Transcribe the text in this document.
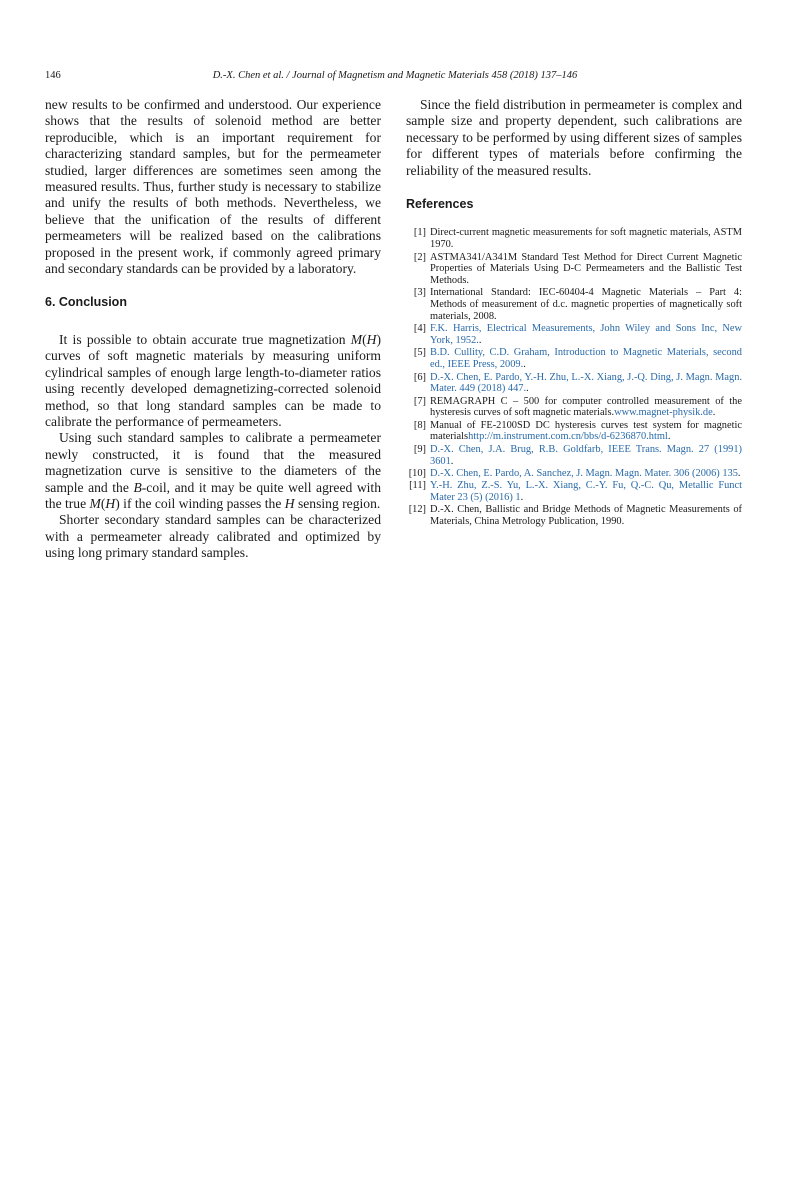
146	D.-X. Chen et al. / Journal of Magnetism and Magnetic Materials 458 (2018) 137–146

new results to be confirmed and understood. Our experience shows that the results of solenoid method are better reproducible, which is an important requirement for characterizing standard samples, but for the permeameter studied, larger differences are sometimes seen among the measured results. Thus, further study is necessary to stabilize and unify the results of both methods. Nevertheless, we believe that the unification of the results of different permeameters will be realized based on the calibrations proposed in the present work, if commonly agreed primary and secondary standards can be provided by a laboratory.

6. Conclusion

It is possible to obtain accurate true magnetization M(H) curves of soft magnetic materials by measuring uniform cylindrical samples of enough large length-to-diameter ratios using recently developed demagnetizing-corrected solenoid method, so that long standard samples can be made to calibrate the performance of permeameters.

Using such standard samples to calibrate a permeameter newly constructed, it is found that the measured magnetization curve is sensitive to the diameters of the sample and the B-coil, and it may be quite well agreed with the true M(H) if the coil winding passes the H sensing region.

Shorter secondary standard samples can be characterized with a permeameter already calibrated and optimized by using long primary standard samples.

Since the field distribution in permeameter is complex and sample size and property dependent, such calibrations are necessary to be performed by using different sizes of samples for different types of materials before confirming the reliability of the measured results.

References
[1] Direct-current magnetic measurements for soft magnetic materials, ASTM 1970.
[2] ASTMA341/A341M Standard Test Method for Direct Current Magnetic Properties of Materials Using D-C Permeameters and the Ballistic Test Methods.
[3] International Standard: IEC-60404-4 Magnetic Materials – Part 4: Methods of measurement of d.c. magnetic properties of magnetically soft materials, 2008.
[4] F.K. Harris, Electrical Measurements, John Wiley and Sons Inc, New York, 1952..
[5] B.D. Cullity, C.D. Graham, Introduction to Magnetic Materials, second ed., IEEE Press, 2009..
[6] D.-X. Chen, E. Pardo, Y.-H. Zhu, L.-X. Xiang, J.-Q. Ding, J. Magn. Magn. Mater. 449 (2018) 447..
[7] REMAGRAPH C – 500 for computer controlled measurement of the hysteresis curves of soft magnetic materials.www.magnet-physik.de.
[8] Manual of FE-2100SD DC hysteresis curves test system for magnetic materialshttp://m.instrument.com.cn/bbs/d-6236870.html.
[9] D.-X. Chen, J.A. Brug, R.B. Goldfarb, IEEE Trans. Magn. 27 (1991) 3601.
[10] D.-X. Chen, E. Pardo, A. Sanchez, J. Magn. Magn. Mater. 306 (2006) 135.
[11] Y.-H. Zhu, Z.-S. Yu, L.-X. Xiang, C.-Y. Fu, Q.-C. Qu, Metallic Funct Mater 23 (5) (2016) 1.
[12] D.-X. Chen, Ballistic and Bridge Methods of Magnetic Measurements of Materials, China Metrology Publication, 1990.
